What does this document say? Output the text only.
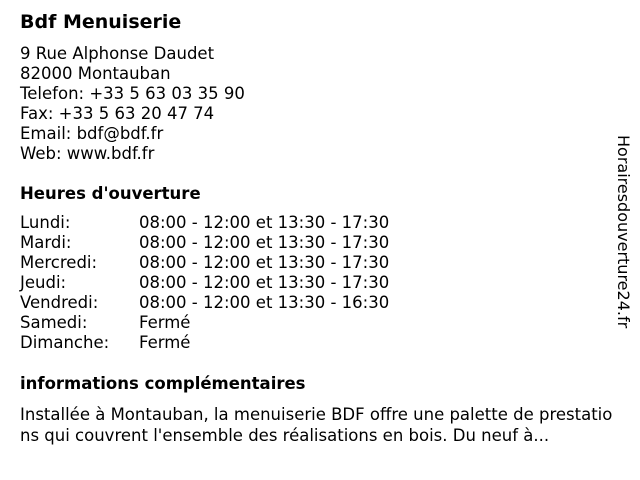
Bdf Menuiserie
9 Rue Alphonse Daudet
82000 Montauban
Telefon: +33 5 63 03 35 90
Fax: +33 5 63 20 47 74
Email: bdf@bdf.fr
Web: www.bdf.fr
Heures d'ouverture
Lundi:	08:00 - 12:00 et 13:30 - 17:30
Mardi:	08:00 - 12:00 et 13:30 - 17:30
Mercredi:	08:00 - 12:00 et 13:30 - 17:30
Jeudi:	08:00 - 12:00 et 13:30 - 17:30
Vendredi:	08:00 - 12:00 et 13:30 - 16:30
Samedi:	Fermé
Dimanche:	Fermé
informations complémentaires
Installée à Montauban, la menuiserie BDF offre une palette de prestations qui couvrent l'ensemble des réalisations en bois. Du neuf à...
Horairesdouverture24.fr
